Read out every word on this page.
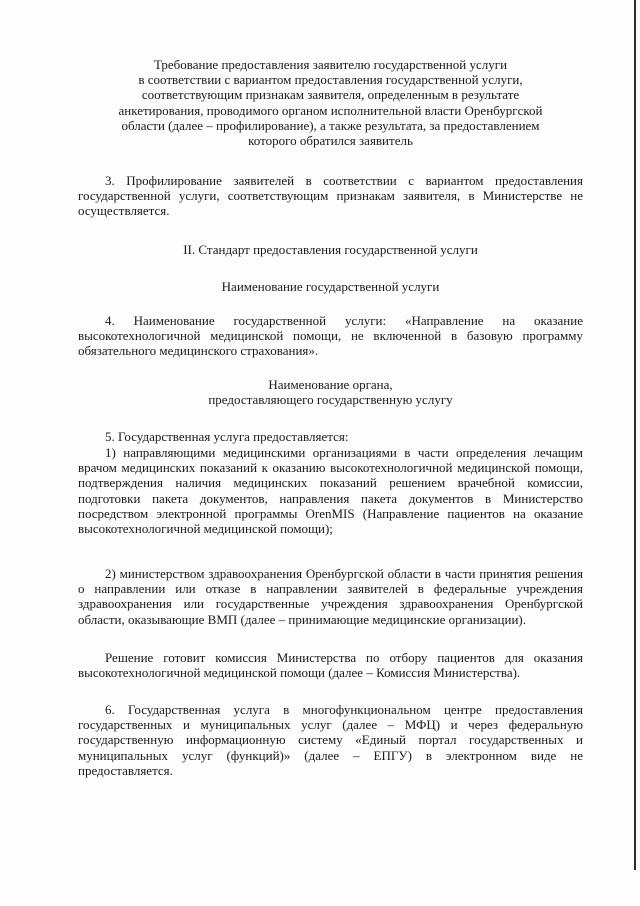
Требование предоставления заявителю государственной услуги

в соответствии с вариантом предоставления государственной услуги,

соответствующим признакам заявителя, определенным в результате

анкетирования, проводимого органом исполнительной власти Оренбургской

области (далее – профилирование), а также результата, за предоставлением

которого обратился заявитель

3. Профилирование заявителей в соответствии с вариантом предоставления государственной услуги, соответствующим признакам заявителя, в Министерстве не осуществляется.

II. Стандарт предоставления государственной услуги

Наименование государственной услуги

4. Наименование государственной услуги: «Направление на оказание высокотехнологичной медицинской помощи, не включенной в базовую программу обязательного медицинского страхования».

Наименование органа,

предоставляющего государственную услугу

5. Государственная услуга предоставляется:

1) направляющими медицинскими организациями в части определения лечащим врачом медицинских показаний к оказанию высокотехнологичной медицинской помощи, подтверждения наличия медицинских показаний решением врачебной комиссии, подготовки пакета документов, направления пакета документов в Министерство посредством электронной программы OrenMIS (Направление пациентов на оказание высокотехнологичной медицинской помощи);

2) министерством здравоохранения Оренбургской области в части принятия решения о направлении или отказе в направлении заявителей в федеральные учреждения здравоохранения или государственные учреждения здравоохранения Оренбургской области, оказывающие ВМП (далее – принимающие медицинские организации).

Решение готовит комиссия Министерства по отбору пациентов для оказания высокотехнологичной медицинской помощи (далее – Комиссия Министерства).

6. Государственная услуга в многофункциональном центре предоставления государственных и муниципальных услуг (далее – МФЦ) и через федеральную государственную информационную систему «Единый портал государственных и муниципальных услуг (функций)» (далее – ЕПГУ) в электронном виде не предоставляется.
